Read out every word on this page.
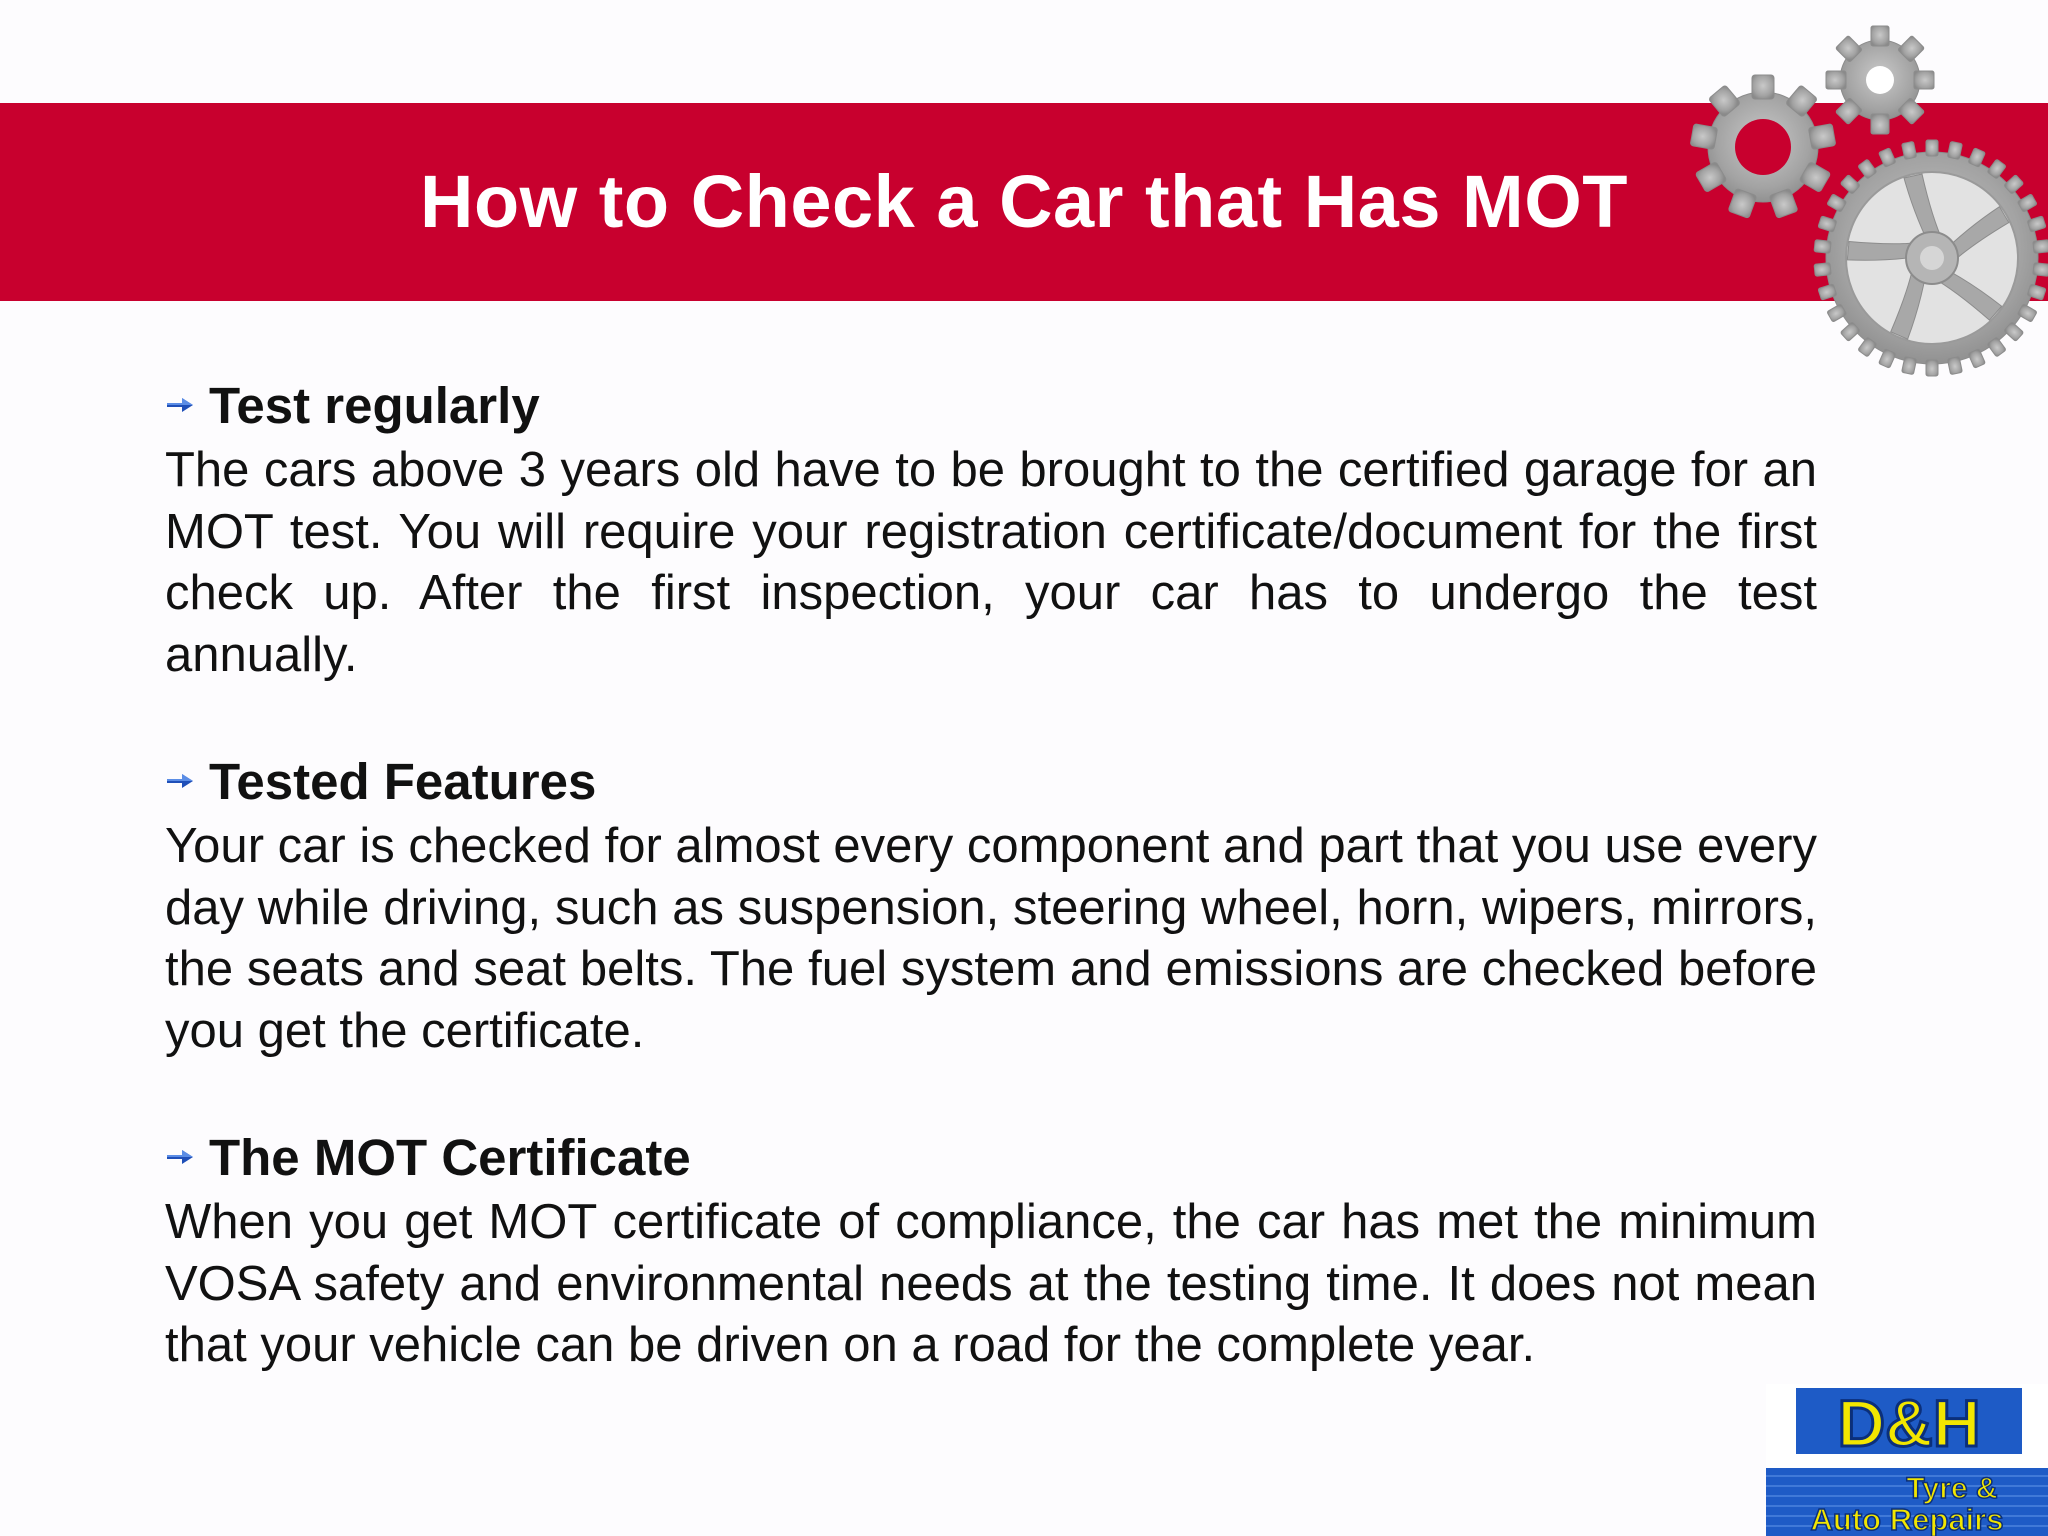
How to Check a Car that Has MOT
Test regularly

The cars above 3 years old have to be brought to the certified garage for an MOT test. You will require your registration certificate/document for the first check up. After the first inspection, your car has to undergo the test annually.

Tested Features

Your car is checked for almost every component and part that you use every day while driving, such as suspension, steering wheel, horn, wipers, mirrors, the seats and seat belts. The fuel system and emissions are checked before you get the certificate.

The MOT Certificate

When you get MOT certificate of compliance, the car has met the minimum VOSA safety and environmental needs at the testing time. It does not mean that your vehicle can be driven on a road for the complete year.

D&H
Tyre &
Auto Repairs
